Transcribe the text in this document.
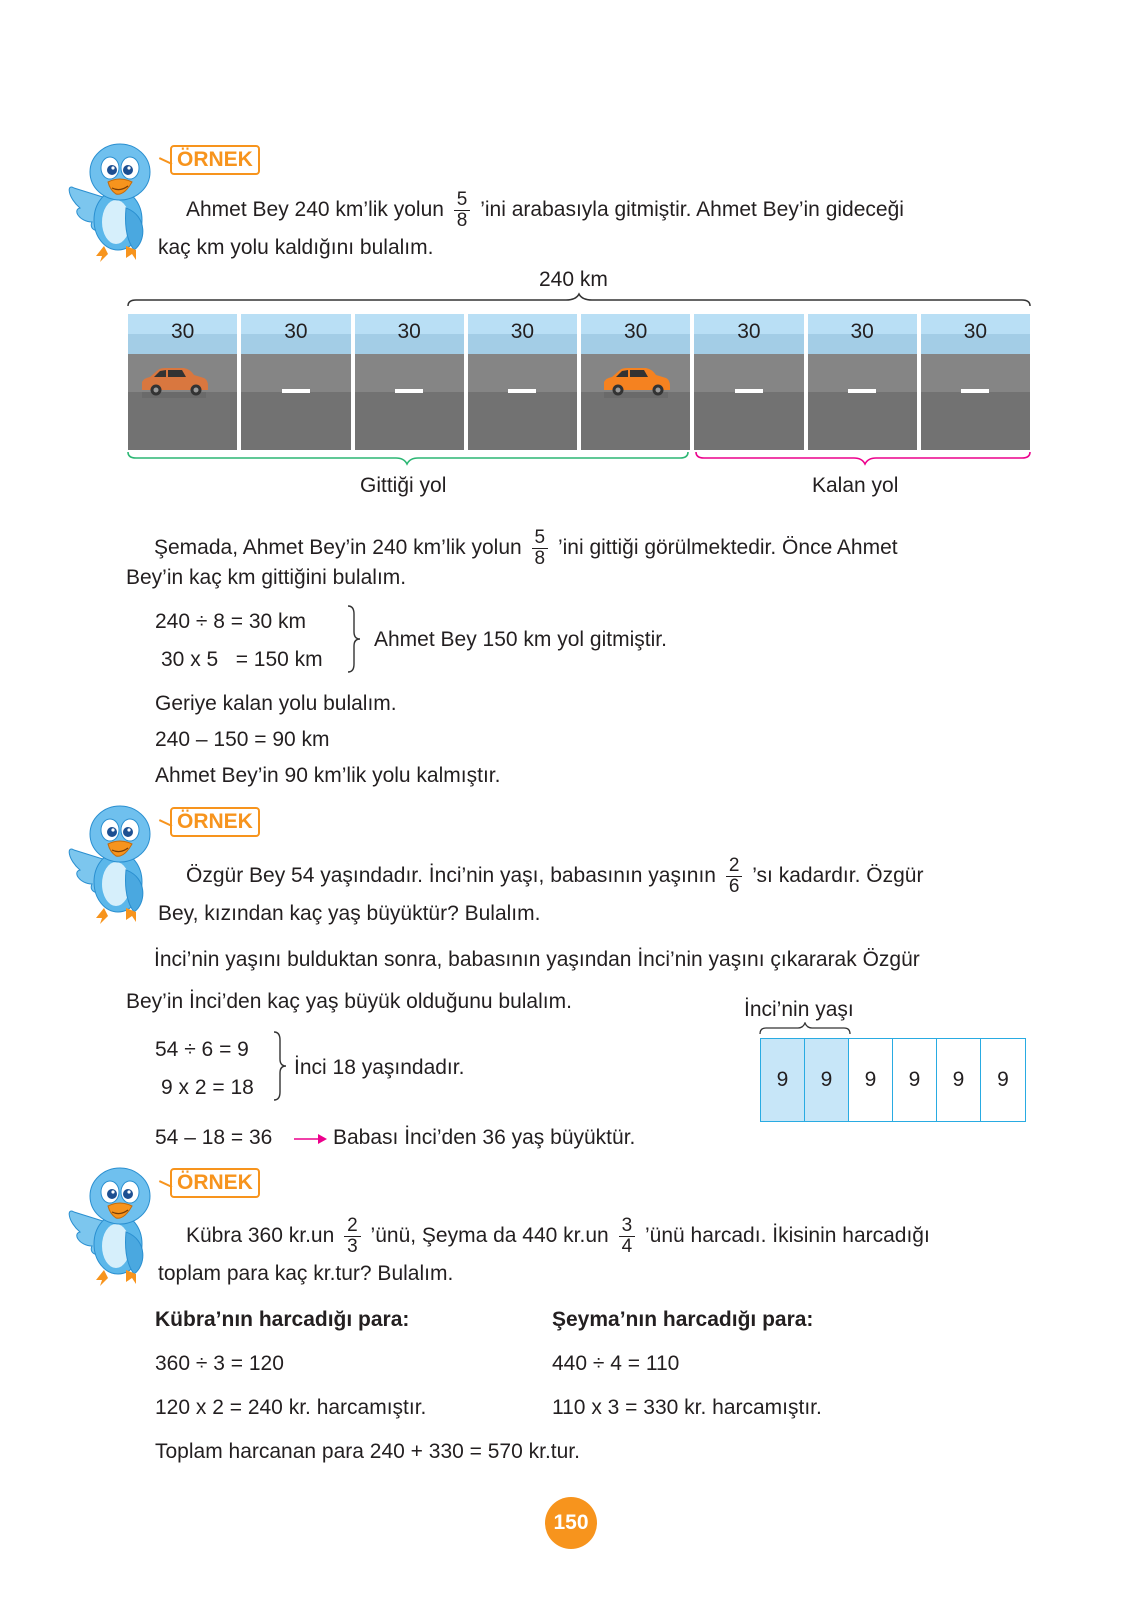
ÖRNEK
Ahmet Bey 240 km’lik yolun $\frac{5}{8}$ ’ini arabasıyla gitmiştir. Ahmet Bey’in gideceği
kaç km yolu kaldığını bulalım.
240 km
30	30	30	30	30	30	30	30
Gittiği yol	Kalan yol
Şemada, Ahmet Bey’in 240 km’lik yolun $\frac{5}{8}$ ’ini gittiği görülmektedir. Önce Ahmet
Bey’in kaç km gittiğini bulalım.
240 ÷ 8 = 30 km
30 x 5   = 150 km
Ahmet Bey 150 km yol gitmiştir.
Geriye kalan yolu bulalım.
240 – 150 = 90 km
Ahmet Bey’in 90 km’lik yolu kalmıştır.
ÖRNEK
Özgür Bey 54 yaşındadır. İnci’nin yaşı, babasının yaşının $\frac{2}{6}$ ’sı kadardır. Özgür
Bey, kızından kaç yaş büyüktür? Bulalım.
İnci’nin yaşını bulduktan sonra, babasının yaşından İnci’nin yaşını çıkararak Özgür
Bey’in İnci’den kaç yaş büyük olduğunu bulalım.	İnci’nin yaşı
9	9	9	9	9	9
54 ÷ 6 = 9
9 x 2 = 18
İnci 18 yaşındadır.
54 – 18 = 36	Babası İnci’den 36 yaş büyüktür.
ÖRNEK
Kübra 360 $kr.un \frac{2}{3}$ ’ünü, Şeyma da 440 $kr.un \frac{3}{4}$ ’ünü harcadı. İkisinin harcadığı
toplam para kaç kr.tur? Bulalım.
Kübra’nın harcadığı para:	Şeyma’nın harcadığı para:
360 ÷ 3 = 120	440 ÷ 4 = 110
120 x 2 = 240 kr. harcamıştır.	110 x 3 = 330 kr. harcamıştır.
Toplam harcanan para 240 + 330 = 570 kr.tur.
150
